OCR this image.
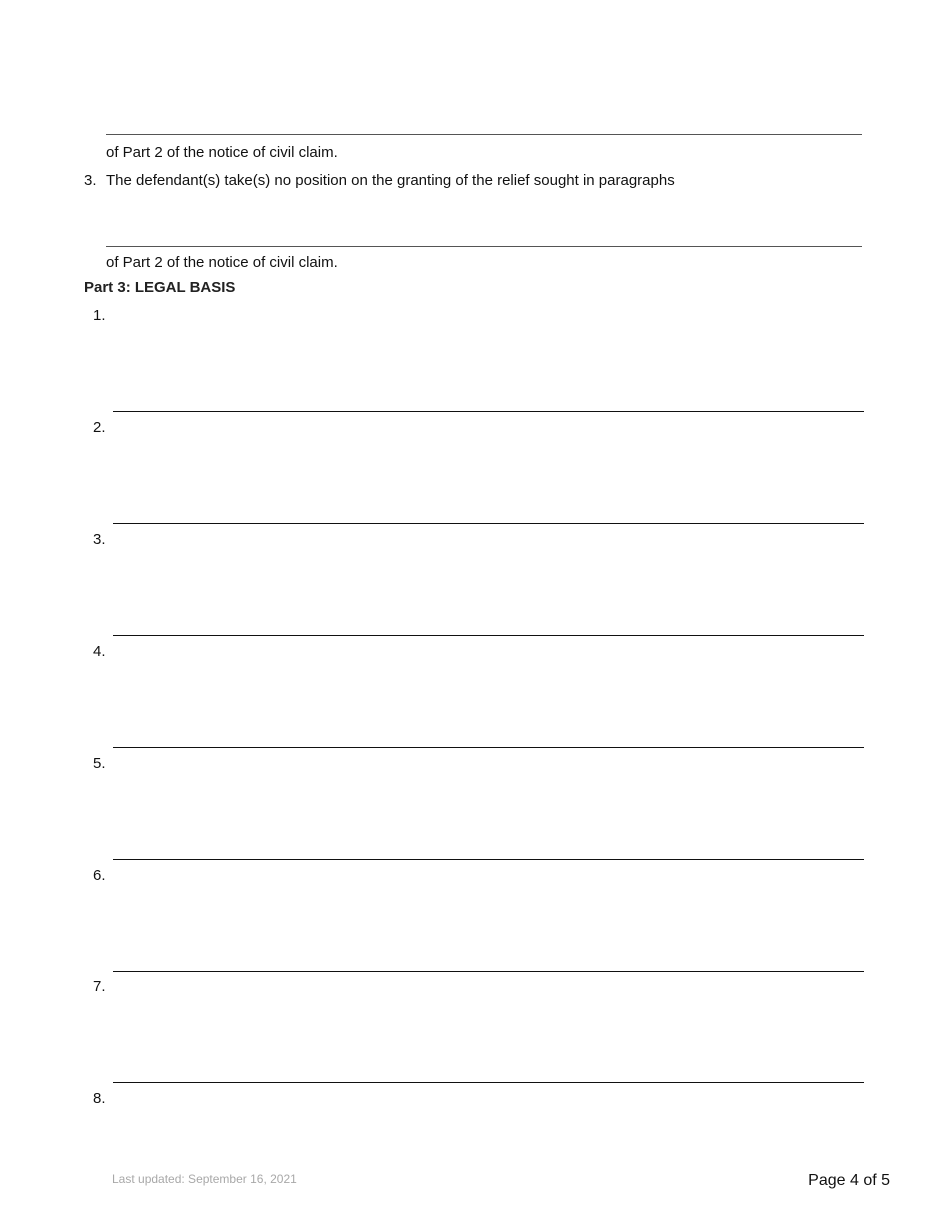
of Part 2 of the notice of civil claim.
3. The defendant(s) take(s) no position on the granting of the relief sought in paragraphs
of Part 2 of the notice of civil claim.
Part 3: LEGAL BASIS
1.
2.
3.
4.
5.
6.
7.
8.
Last updated: September 16, 2021	Page 4 of 5
